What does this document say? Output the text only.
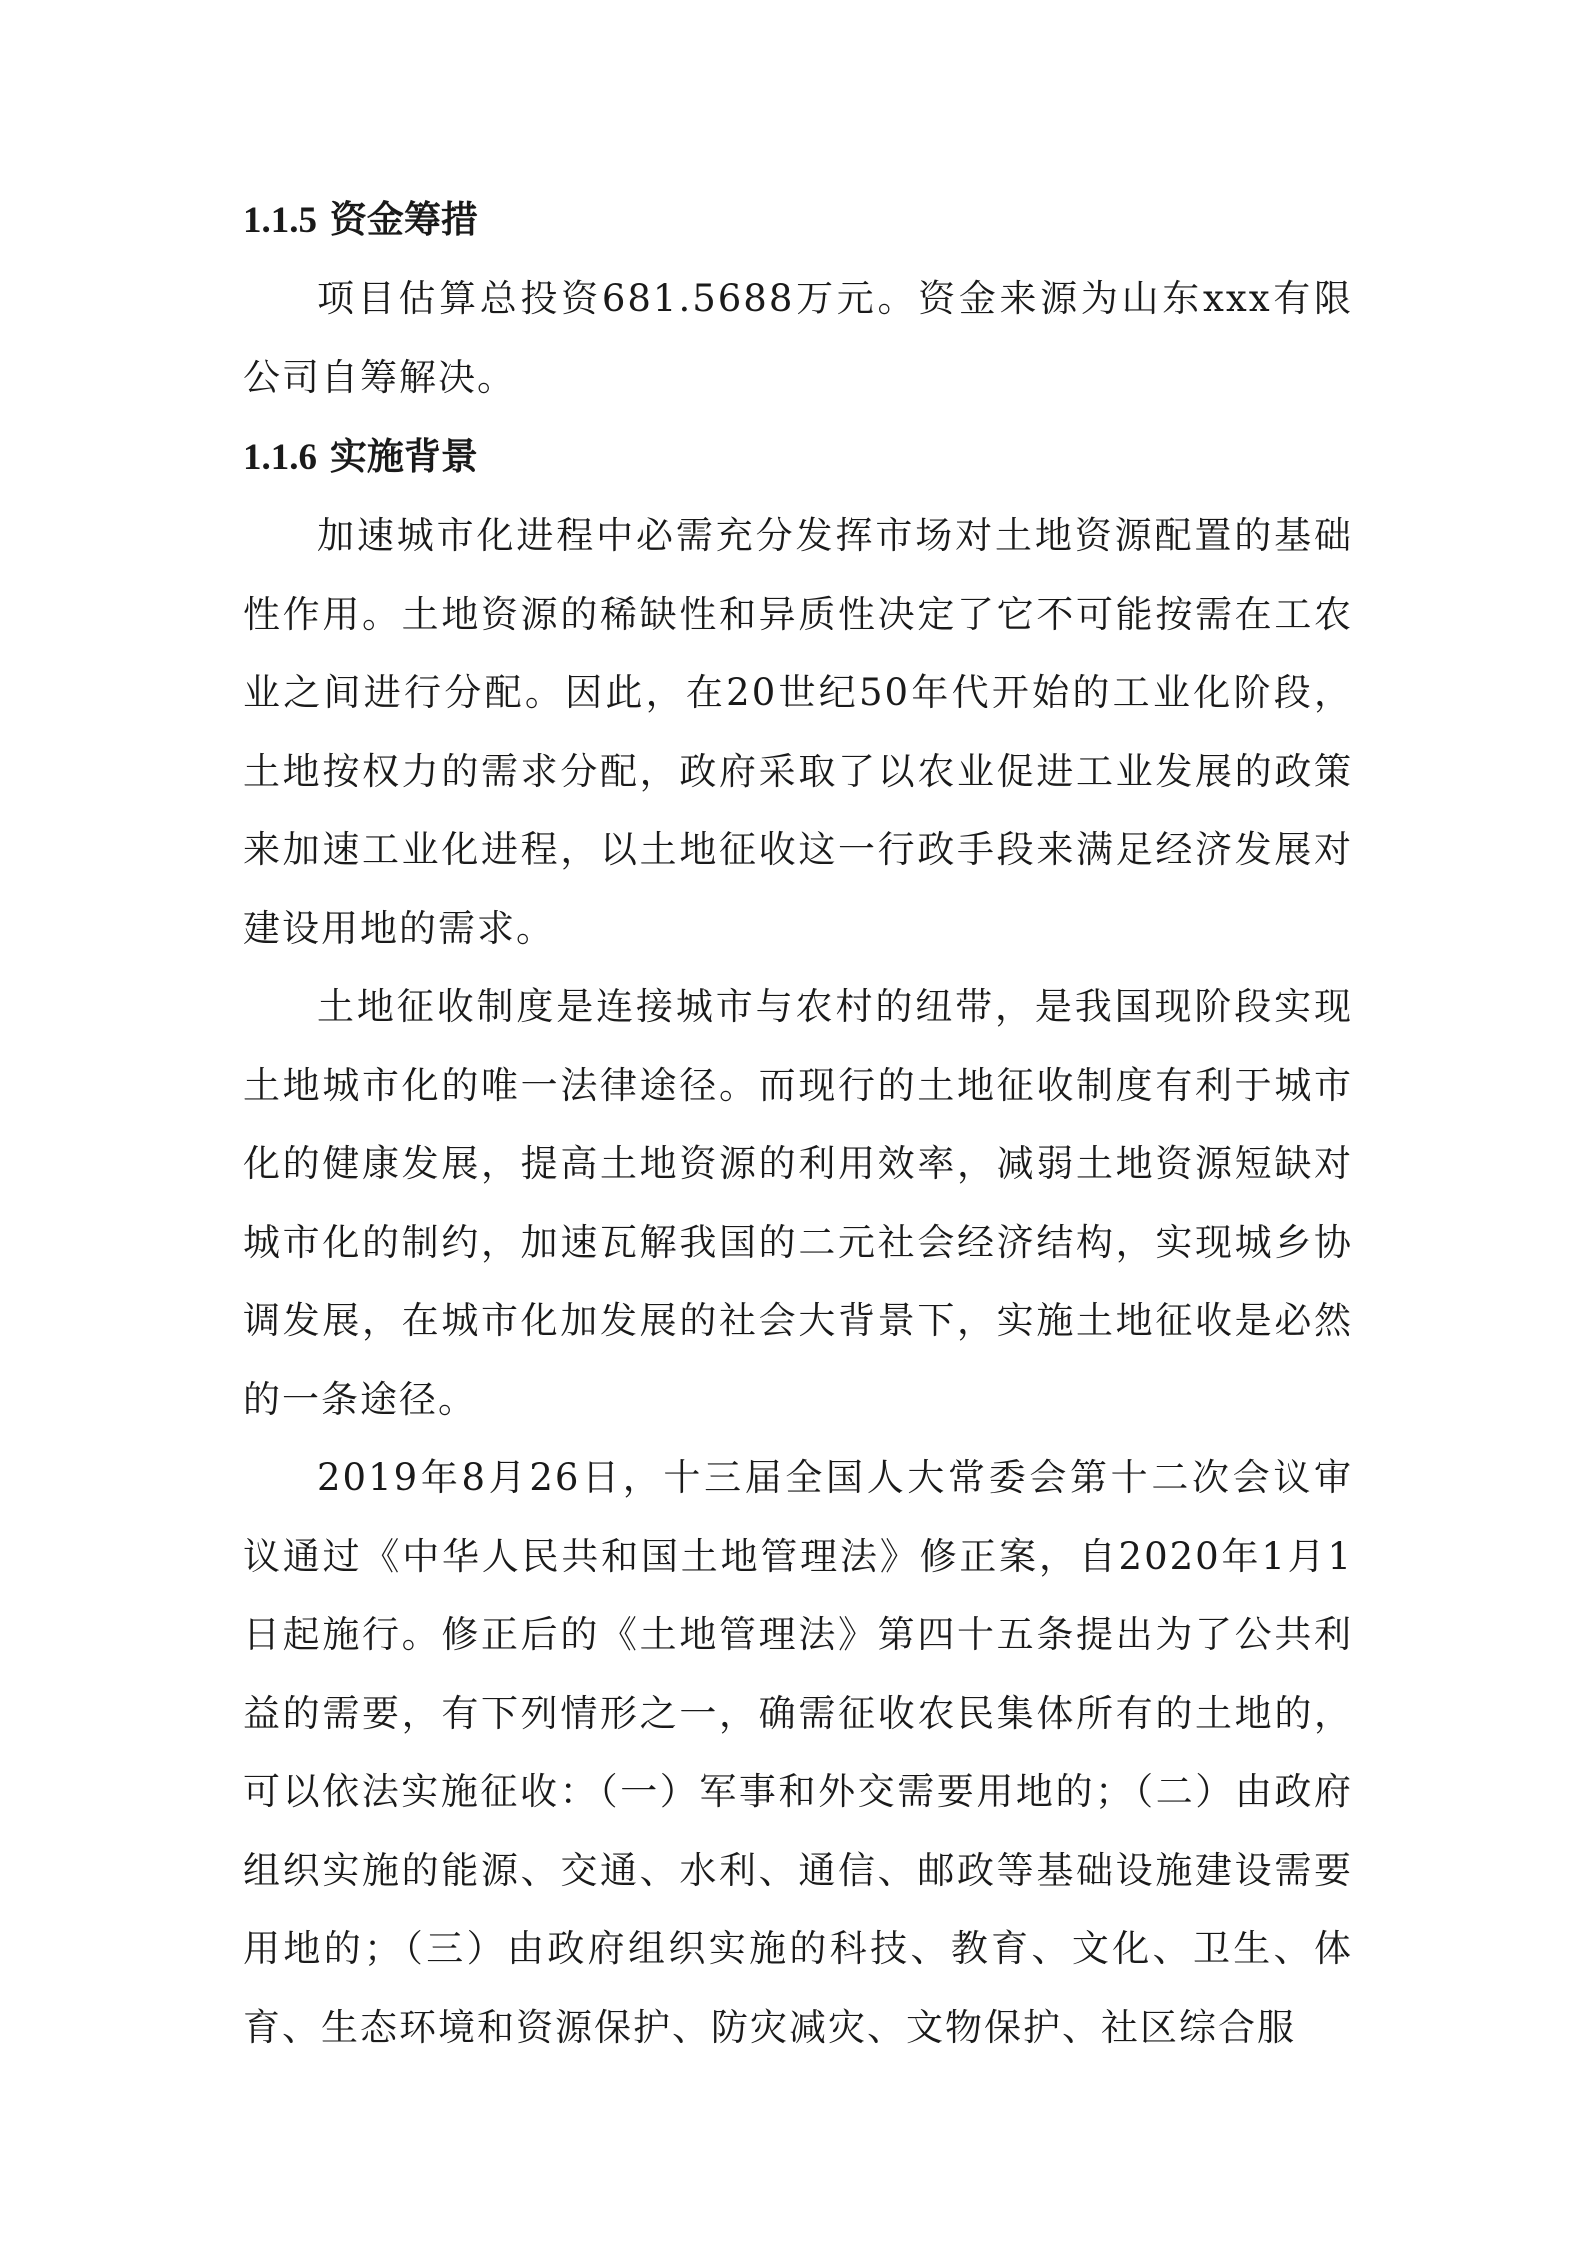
1.1.5 资金筹措

项目估算总投资681.5688万元。资金来源为山东xxx有限公司自筹解决。

1.1.6 实施背景

加速城市化进程中必需充分发挥市场对土地资源配置的基础性作用。土地资源的稀缺性和异质性决定了它不可能按需在工农业之间进行分配。因此，在20世纪50年代开始的工业化阶段，土地按权力的需求分配，政府采取了以农业促进工业发展的政策来加速工业化进程，以土地征收这一行政手段来满足经济发展对建设用地的需求。

土地征收制度是连接城市与农村的纽带，是我国现阶段实现土地城市化的唯一法律途径。而现行的土地征收制度有利于城市化的健康发展，提高土地资源的利用效率，减弱土地资源短缺对城市化的制约，加速瓦解我国的二元社会经济结构，实现城乡协调发展，在城市化加发展的社会大背景下，实施土地征收是必然的一条途径。

2019年8月26日，十三届全国人大常委会第十二次会议审议通过《中华人民共和国土地管理法》修正案，自2020年1月1日起施行。修正后的《土地管理法》第四十五条提出为了公共利益的需要，有下列情形之一，确需征收农民集体所有的土地的，可以依法实施征收：（一）军事和外交需要用地的；（二）由政府组织实施的能源、交通、水利、通信、邮政等基础设施建设需要用地的；（三）由政府组织实施的科技、教育、文化、卫生、体育、生态环境和资源保护、防灾减灾、文物保护、社区综合服
